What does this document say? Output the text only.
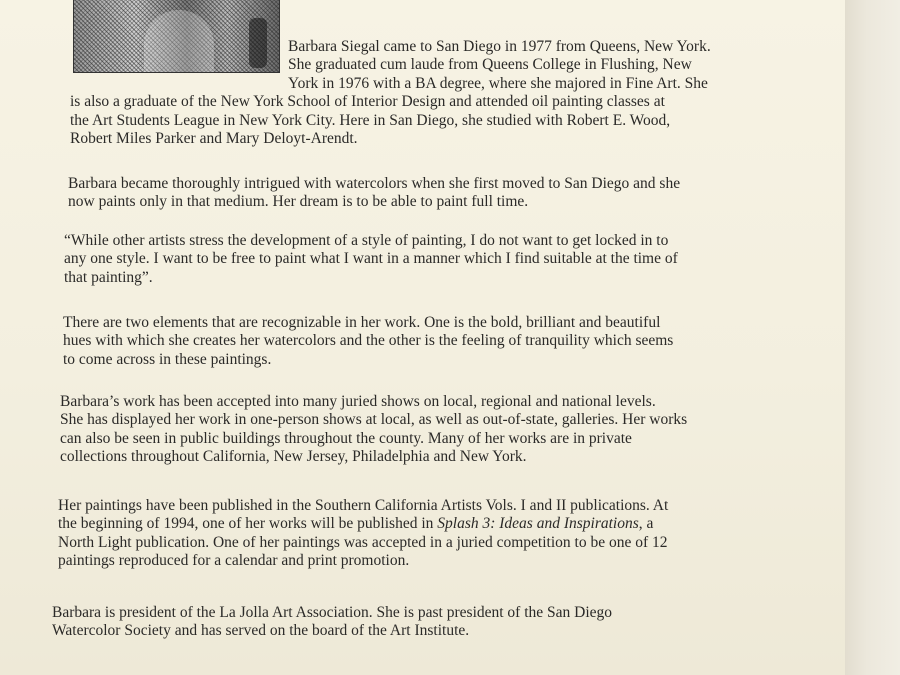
Barbara Siegal came to San Diego in 1977 from Queens, New York.
She graduated cum laude from Queens College in Flushing, New
York in 1976 with a BA degree, where she majored in Fine Art. She
is also a graduate of the New York School of Interior Design and attended oil painting classes at
the Art Students League in New York City. Here in San Diego, she studied with Robert E. Wood,
Robert Miles Parker and Mary Deloyt-Arendt.
Barbara became thoroughly intrigued with watercolors when she first moved to San Diego and she
now paints only in that medium. Her dream is to be able to paint full time.
“While other artists stress the development of a style of painting, I do not want to get locked in to
any one style. I want to be free to paint what I want in a manner which I find suitable at the time of
that painting”.
There are two elements that are recognizable in her work. One is the bold, brilliant and beautiful
hues with which she creates her watercolors and the other is the feeling of tranquility which seems
to come across in these paintings.
Barbara’s work has been accepted into many juried shows on local, regional and national levels.
She has displayed her work in one-person shows at local, as well as out-of-state, galleries. Her works
can also be seen in public buildings throughout the county. Many of her works are in private
collections throughout California, New Jersey, Philadelphia and New York.
Her paintings have been published in the Southern California Artists Vols. I and II publications. At
the beginning of 1994, one of her works will be published in Splash 3: Ideas and Inspirations, a
North Light publication. One of her paintings was accepted in a juried competition to be one of 12
paintings reproduced for a calendar and print promotion.
Barbara is president of the La Jolla Art Association. She is past president of the San Diego
Watercolor Society and has served on the board of the Art Institute.
